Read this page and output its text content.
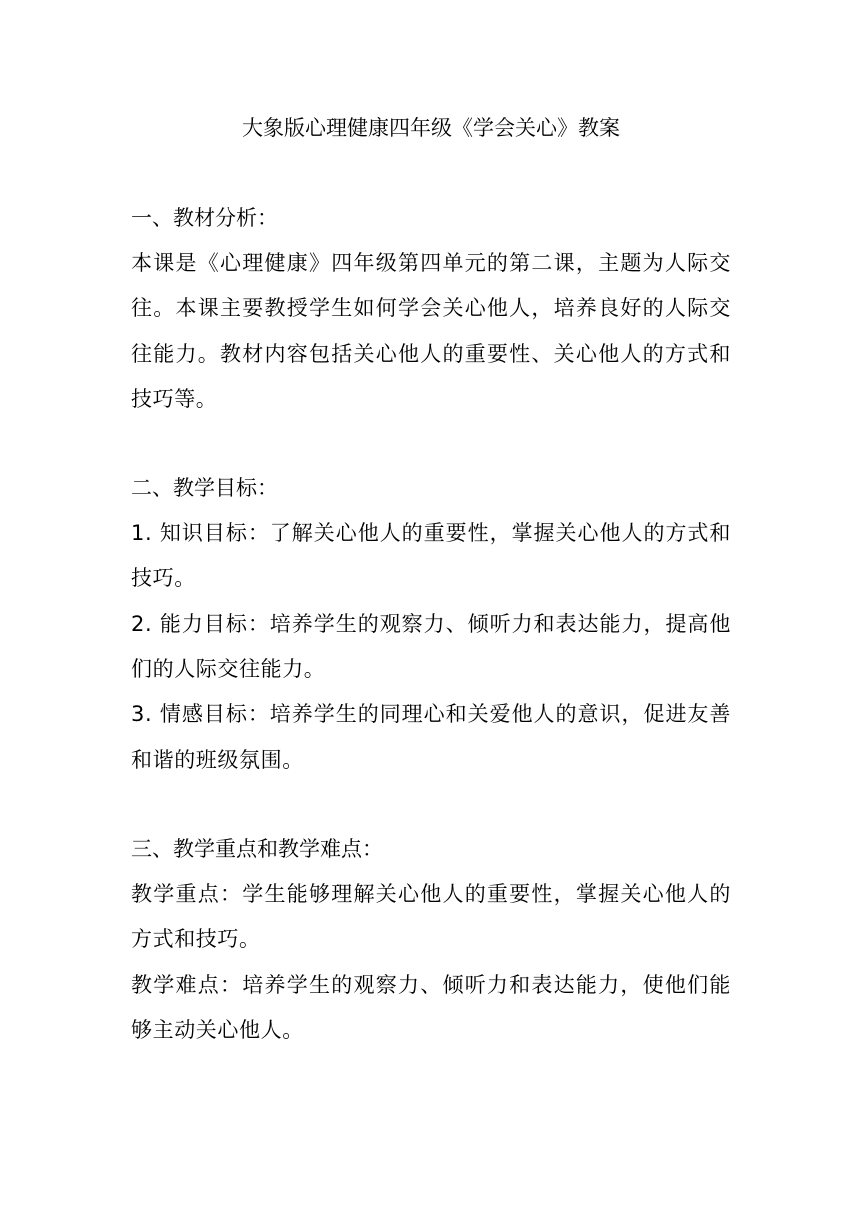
大象版心理健康四年级《学会关心》教案

一、教材分析：

本课是《心理健康》四年级第四单元的第二课，主题为人际交往。本课主要教授学生如何学会关心他人，培养良好的人际交往能力。教材内容包括关心他人的重要性、关心他人的方式和技巧等。

二、教学目标：

1. 知识目标：了解关心他人的重要性，掌握关心他人的方式和技巧。

2. 能力目标：培养学生的观察力、倾听力和表达能力，提高他们的人际交往能力。

3. 情感目标：培养学生的同理心和关爱他人的意识，促进友善和谐的班级氛围。

三、教学重点和教学难点：

教学重点：学生能够理解关心他人的重要性，掌握关心他人的方式和技巧。

教学难点：培养学生的观察力、倾听力和表达能力，使他们能够主动关心他人。
